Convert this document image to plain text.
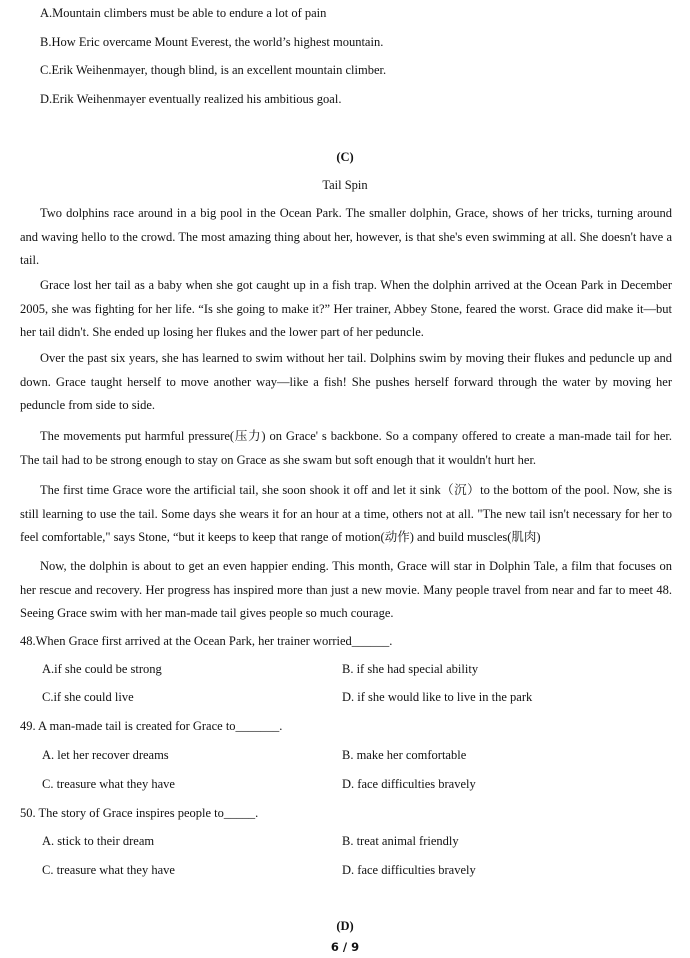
A.Mountain climbers must be able to endure a lot of pain
B.How Eric overcame Mount Everest, the world’s highest mountain.
C.Erik Weihenmayer, though blind, is an excellent mountain climber.
D.Erik Weihenmayer eventually realized his ambitious goal.
(C)
Tail Spin

Two dolphins race around in a big pool in the Ocean Park. The smaller dolphin, Grace, shows of her tricks, turning around and waving hello to the crowd. The most amazing thing about her, however, is that she's even swimming at all. She doesn't have a tail.

Grace lost her tail as a baby when she got caught up in a fish trap. When the dolphin arrived at the Ocean Park in December 2005, she was fighting for her life. “Is she going to make it?” Her trainer, Abbey Stone, feared the worst. Grace did make it—but her tail didn't. She ended up losing her flukes and the lower part of her peduncle.

Over the past six years, she has learned to swim without her tail. Dolphins swim by moving their flukes and peduncle up and down. Grace taught herself to move another way—like a fish! She pushes herself forward through the water by moving her peduncle from side to side.

The movements put harmful pressure(压力) on Grace' s backbone. So a company offered to create a man-made tail for her. The tail had to be strong enough to stay on Grace as she swam but soft enough that it wouldn't hurt her.

The first time Grace wore the artificial tail, she soon shook it off and let it sink（沉）to the bottom of the pool. Now, she is still learning to use the tail. Some days she wears it for an hour at a time, others not at all. "The new tail isn't necessary for her to feel comfortable," says Stone, “but it keeps to keep that range of motion(动作) and build muscles(肌肉)

Now, the dolphin is about to get an even happier ending. This month, Grace will star in Dolphin Tale, a film that focuses on her rescue and recovery. Her progress has inspired more than just a new movie. Many people travel from near and far to meet 48. Seeing Grace swim with her man-made tail gives people so much courage.

48.When Grace first arrived at the Ocean Park, her trainer worried______.
A.if she could be strong	B. if she had special ability
C.if she could live	D. if she would like to live in the park
49. A man-made tail is created for Grace to_______.
A. let her recover dreams	B. make her comfortable
C. treasure what they have	D. face difficulties bravely
50. The story of Grace inspires people to_____.
A. stick to their dream	B. treat animal friendly
C. treasure what they have	D. face difficulties bravely
(D)
6 / 9
